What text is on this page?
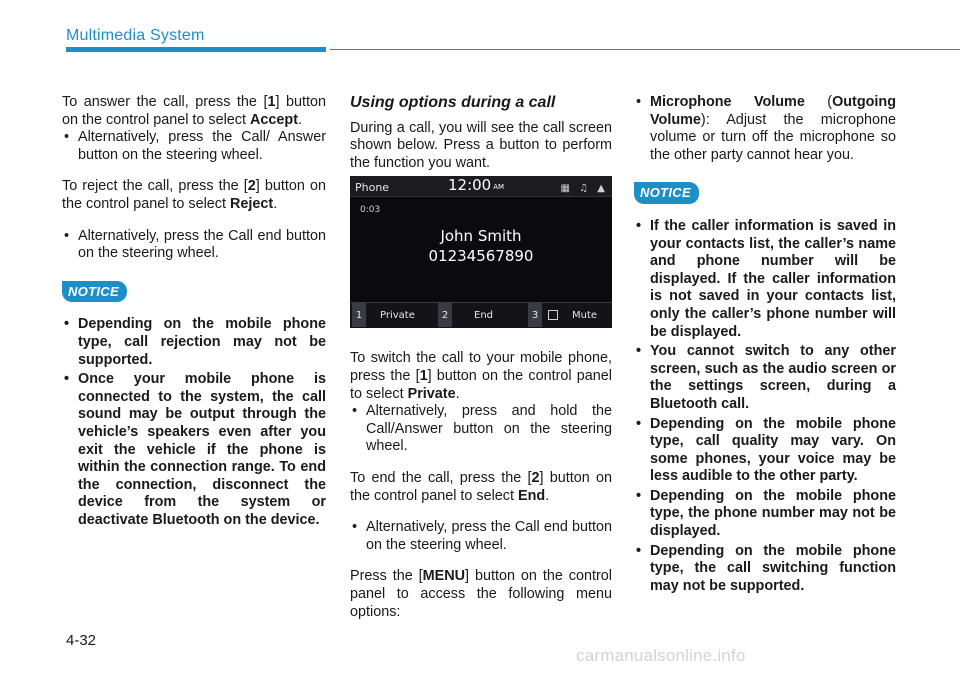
Multimedia System

To answer the call, press the [1] button on the control panel to select Accept.

• Alternatively, press the Call/ Answer button on the steering wheel.

To reject the call, press the [2] button on the control panel to select Reject.

• Alternatively, press the Call end button on the steering wheel.
NOTICE
• Depending on the mobile phone type, call rejection may not be supported.
• Once your mobile phone is connected to the system, the call sound may be output through the vehicle’s speakers even after you exit the vehicle if the phone is within the connection range. To end the connection, disconnect the device from the system or deactivate Bluetooth on the device.
Using options during a call

During a call, you will see the call screen shown below. Press a button to perform the function you want.

Phone	12:00 AM	▦ ♫ ▲
0:03
John Smith
01234567890
1	Private	2	End	3	Mute

To switch the call to your mobile phone, press the [1] button on the control panel to select Private.

• Alternatively, press and hold the Call/Answer button on the steering wheel.

To end the call, press the [2] button on the control panel to select End.

• Alternatively, press the Call end button on the steering wheel.

Press the [MENU] button on the control panel to access the following menu options:

• Microphone Volume (Outgoing Volume): Adjust the microphone volume or turn off the microphone so the other party cannot hear you.
NOTICE
• If the caller information is saved in your contacts list, the caller’s name and phone number will be displayed. If the caller information is not saved in your contacts list, only the caller’s phone number will be displayed.
• You cannot switch to any other screen, such as the audio screen or the settings screen, during a Bluetooth call.
• Depending on the mobile phone type, call quality may vary. On some phones, your voice may be less audible to the other party.
• Depending on the mobile phone type, the phone number may not be displayed.
• Depending on the mobile phone type, the call switching function may not be supported.
4-32
carmanualsonline.info
